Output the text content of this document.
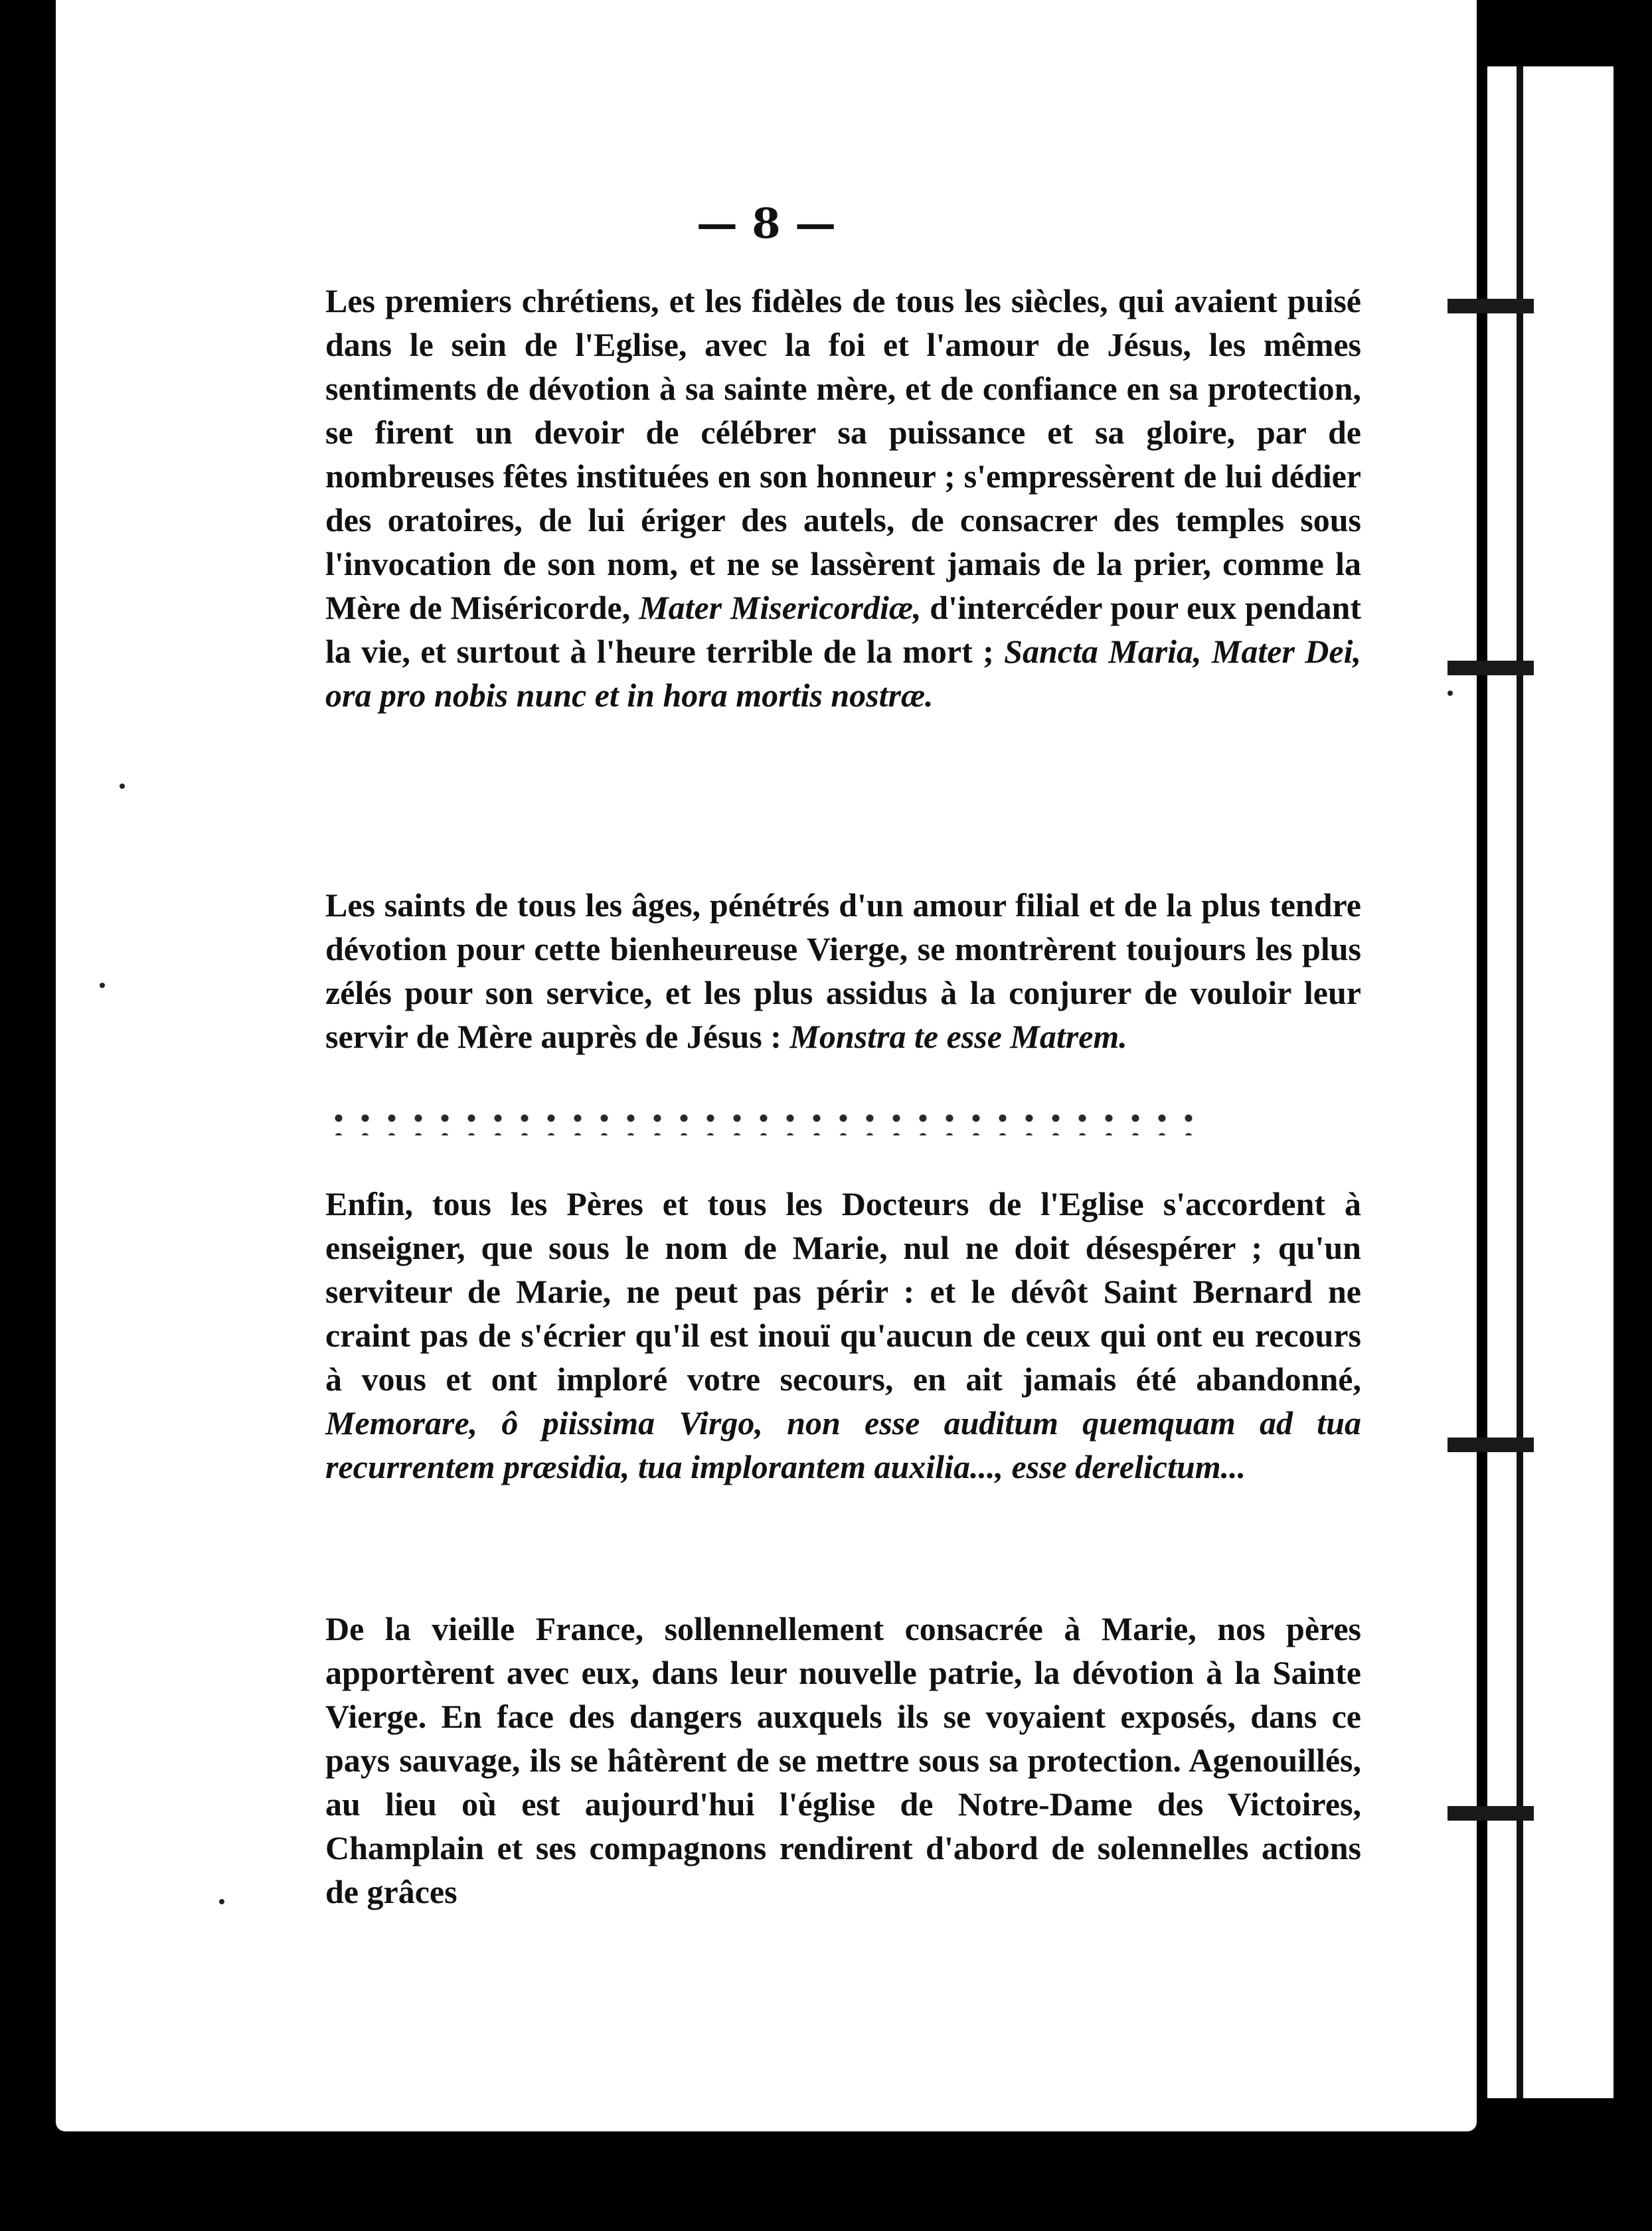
— 8 —

Les premiers chrétiens, et les fidèles de tous les siècles, qui avaient puisé dans le sein de l'Eglise, avec la foi et l'amour de Jésus, les mêmes sentiments de dévotion à sa sainte mère, et de confiance en sa protection, se firent un devoir de célébrer sa puissance et sa gloire, par de nombreuses fêtes instituées en son honneur ; s'empressèrent de lui dédier des oratoires, de lui ériger des autels, de consacrer des temples sous l'invocation de son nom, et ne se lassèrent jamais de la prier, comme la Mère de Miséricorde, Mater Misericordiæ, d'intercéder pour eux pendant la vie, et surtout à l'heure terrible de la mort ; Sancta Maria, Mater Dei, ora pro nobis nunc et in hora mortis nostræ.

Les saints de tous les âges, pénétrés d'un amour filial et de la plus tendre dévotion pour cette bienheureuse Vierge, se montrèrent toujours les plus zélés pour son service, et les plus assidus à la conjurer de vouloir leur servir de Mère auprès de Jésus : Monstra te esse Matrem.

Enfin, tous les Pères et tous les Docteurs de l'Eglise s'accordent à enseigner, que sous le nom de Marie, nul ne doit désespérer ; qu'un serviteur de Marie, ne peut pas périr : et le dévôt Saint Bernard ne craint pas de s'écrier qu'il est inouï qu'aucun de ceux qui ont eu recours à vous et ont imploré votre secours, en ait jamais été abandonné, Memorare, ô piissima Virgo, non esse auditum quemquam ad tua recurrentem præsidia, tua implorantem auxilia..., esse derelictum...

De la vieille France, sollennellement consacrée à Marie, nos pères apportèrent avec eux, dans leur nouvelle patrie, la dévotion à la Sainte Vierge. En face des dangers auxquels ils se voyaient exposés, dans ce pays sauvage, ils se hâtèrent de se mettre sous sa protection. Agenouillés, au lieu où est aujourd'hui l'église de Notre-Dame des Victoires, Champlain et ses compagnons rendirent d'abord de solennelles actions de grâces
